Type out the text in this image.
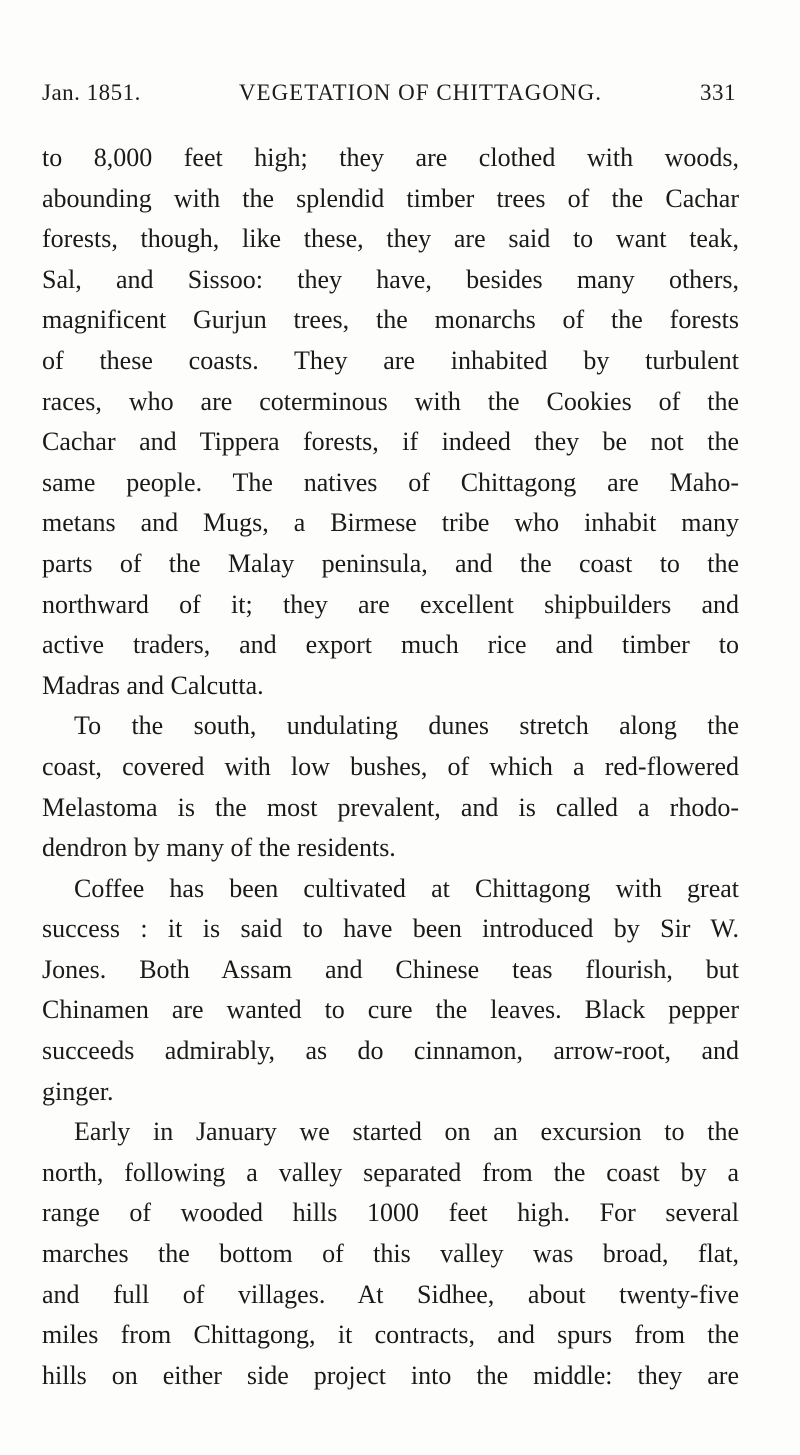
Jan. 1851.	VEGETATION OF CHITTAGONG.	331
to 8,000 feet high; they are clothed with woods,
abounding with the splendid timber trees of the Cachar
forests, though, like these, they are said to want teak,
Sal, and Sissoo: they have, besides many others,
magnificent Gurjun trees, the monarchs of the forests
of these coasts. They are inhabited by turbulent
races, who are coterminous with the Cookies of the
Cachar and Tippera forests, if indeed they be not the
same people. The natives of Chittagong are Maho-
metans and Mugs, a Birmese tribe who inhabit many
parts of the Malay peninsula, and the coast to the
northward of it; they are excellent shipbuilders and
active traders, and export much rice and timber to
Madras and Calcutta.
To the south, undulating dunes stretch along the
coast, covered with low bushes, of which a red-flowered
Melastoma is the most prevalent, and is called a rhodo-
dendron by many of the residents.
Coffee has been cultivated at Chittagong with great
success : it is said to have been introduced by Sir W.
Jones. Both Assam and Chinese teas flourish, but
Chinamen are wanted to cure the leaves. Black pepper
succeeds admirably, as do cinnamon, arrow-root, and
ginger.
Early in January we started on an excursion to the
north, following a valley separated from the coast by a
range of wooded hills 1000 feet high. For several
marches the bottom of this valley was broad, flat,
and full of villages. At Sidhee, about twenty-five
miles from Chittagong, it contracts, and spurs from the
hills on either side project into the middle: they are
